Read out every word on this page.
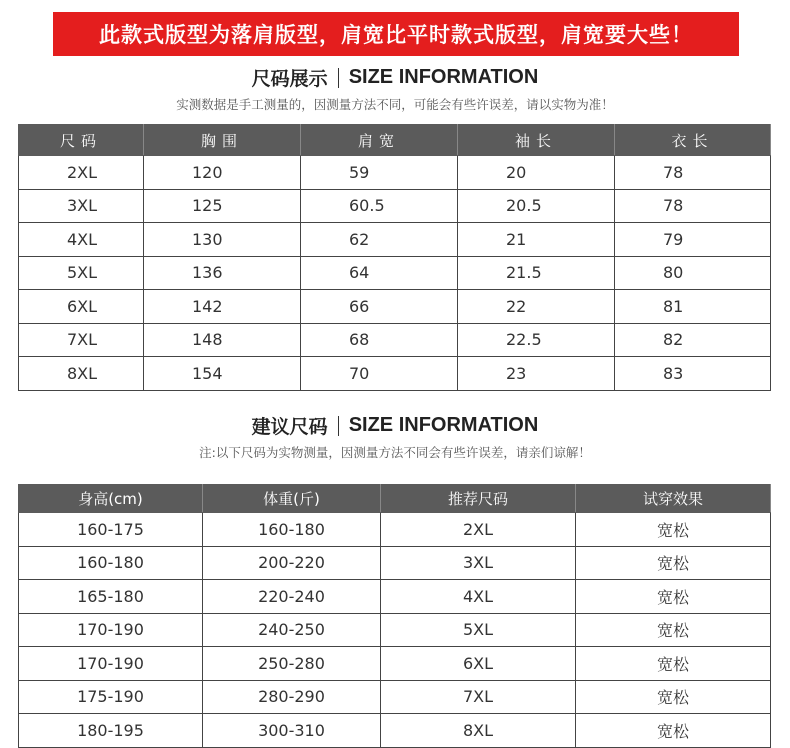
此款式版型为落肩版型，肩宽比平时款式版型，肩宽要大些！
尺码展示 SIZE INFORMATION
实测数据是手工测量的，因测量方法不同，可能会有些许误差，请以实物为准！
尺码	胸围	肩宽	袖长	衣长
2XL	120	59	20	78
3XL	125	60.5	20.5	78
4XL	130	62	21	79
5XL	136	64	21.5	80
6XL	142	66	22	81
7XL	148	68	22.5	82
8XL	154	70	23	83
建议尺码 SIZE INFORMATION
注:以下尺码为实物测量，因测量方法不同会有些许误差，请亲们谅解！
身高(cm)	体重(斤)	推荐尺码	试穿效果
160-175	160-180	2XL	宽松
160-180	200-220	3XL	宽松
165-180	220-240	4XL	宽松
170-190	240-250	5XL	宽松
170-190	250-280	6XL	宽松
175-190	280-290	7XL	宽松
180-195	300-310	8XL	宽松
